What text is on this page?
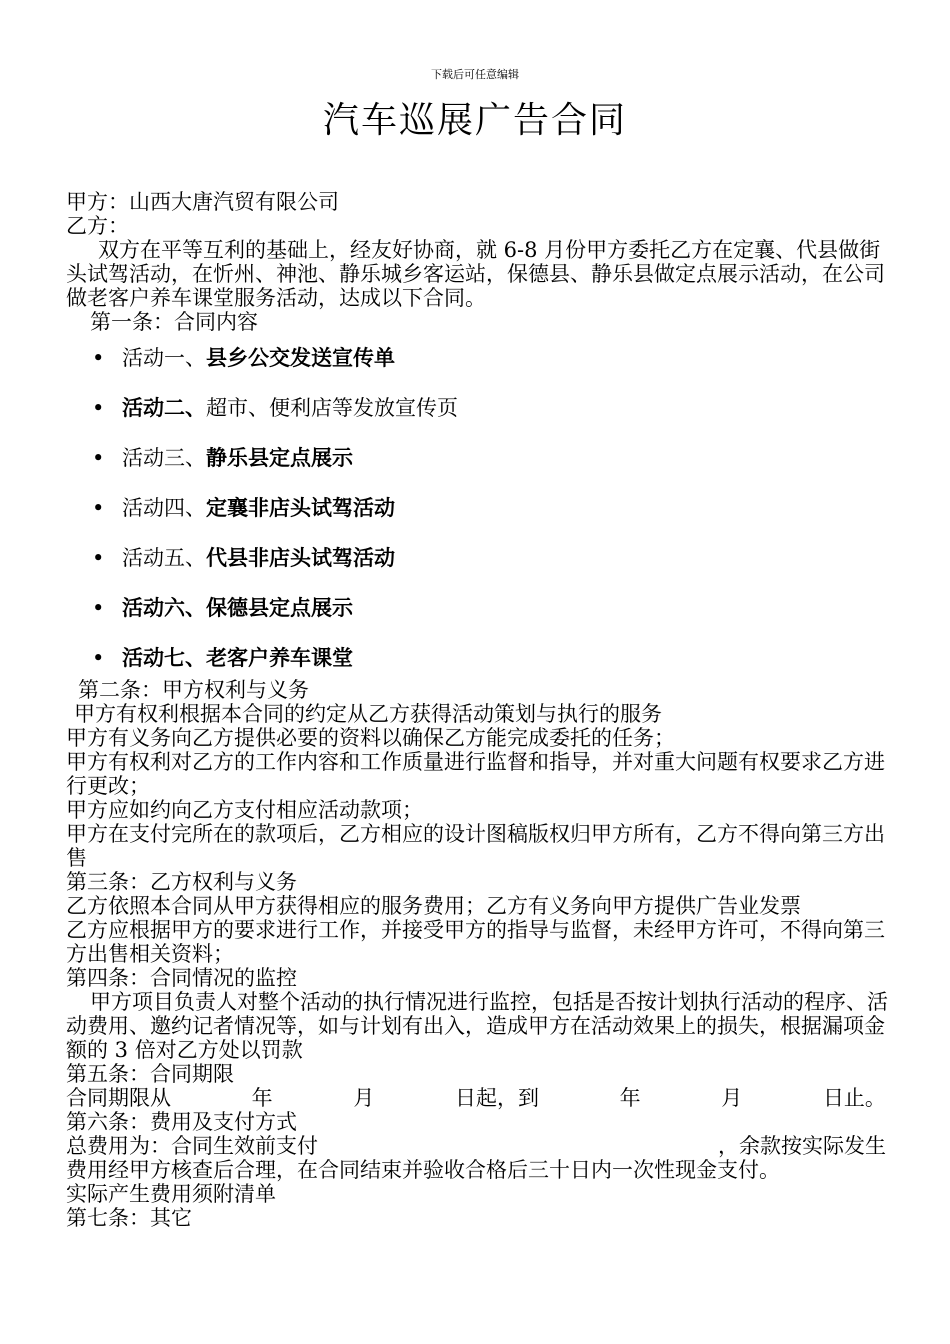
下载后可任意编辑
汽车巡展广告合同
甲方：山西大唐汽贸有限公司
乙方：
双方在平等互利的基础上，经友好协商，就 6-8 月份甲方委托乙方在定襄、代县做街头试驾活动，在忻州、神池、静乐城乡客运站，保德县、静乐县做定点展示活动，在公司做老客户养车课堂服务活动，达成以下合同。
第一条：合同内容
• 活动一、县乡公交发送宣传单
• 活动二、超市、便利店等发放宣传页
• 活动三、静乐县定点展示
• 活动四、定襄非店头试驾活动
• 活动五、代县非店头试驾活动
• 活动六、保德县定点展示
• 活动七、老客户养车课堂
第二条：甲方权利与义务
甲方有权利根据本合同的约定从乙方获得活动策划与执行的服务
甲方有义务向乙方提供必要的资料以确保乙方能完成委托的任务；
甲方有权利对乙方的工作内容和工作质量进行监督和指导，并对重大问题有权要求乙方进行更改；
甲方应如约向乙方支付相应活动款项；
甲方在支付完所在的款项后，乙方相应的设计图稿版权归甲方所有，乙方不得向第三方出售
第三条：乙方权利与义务
乙方依照本合同从甲方获得相应的服务费用；乙方有义务向甲方提供广告业发票
乙方应根据甲方的要求进行工作，并接受甲方的指导与监督，未经甲方许可，不得向第三方出售相关资料；
第四条：合同情况的监控
甲方项目负责人对整个活动的执行情况进行监控，包括是否按计划执行活动的程序、活动费用、邀约记者情况等，如与计划有出入，造成甲方在活动效果上的损失，根据漏项金额的 3 倍对乙方处以罚款
第五条：合同期限
合同期限从	年	月	日起，到	年	月	日止。
第六条：费用及支付方式
总费用为：合同生效前支付	，余款按实际发生
费用经甲方核查后合理，在合同结束并验收合格后三十日内一次性现金支付。
实际产生费用须附清单
第七条：其它
